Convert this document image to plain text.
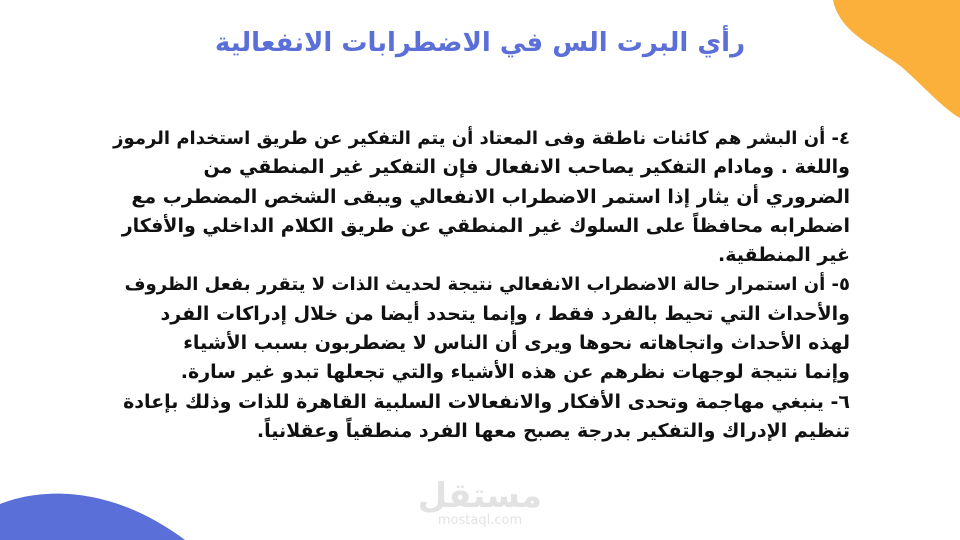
رأي البرت الس في الاضطرابات الانفعالية
٤- أن البشر هم كائنات ناطقة وفى المعتاد أن يتم التفكير عن طريق استخدام الرموز
واللغة . ومادام التفكير يصاحب الانفعال فإن التفكير غير المنطقي من
الضروري أن يثار إذا استمر الاضطراب الانفعالي ويبقى الشخص المضطرب مع
اضطرابه محافظاً على السلوك غير المنطقي عن طريق الكلام الداخلي والأفكار
غير المنطقية.
٥- أن استمرار حالة الاضطراب الانفعالي نتيجة لحديث الذات لا يتقرر بفعل الظروف
والأحداث التي تحيط بالفرد فقط ، وإنما يتحدد أيضا من خلال إدراكات الفرد
لهذه الأحداث واتجاهاته نحوها ويرى أن الناس لا يضطربون بسبب الأشياء
وإنما نتيجة لوجهات نظرهم عن هذه الأشياء والتي تجعلها تبدو غير سارة.
٦- ينبغي مهاجمة وتحدى الأفكار والانفعالات السلبية القاهرة للذات وذلك بإعادة
تنظيم الإدراك والتفكير بدرجة يصبح معها الفرد منطقياً وعقلانياً.
مستقل
mostaql.com
